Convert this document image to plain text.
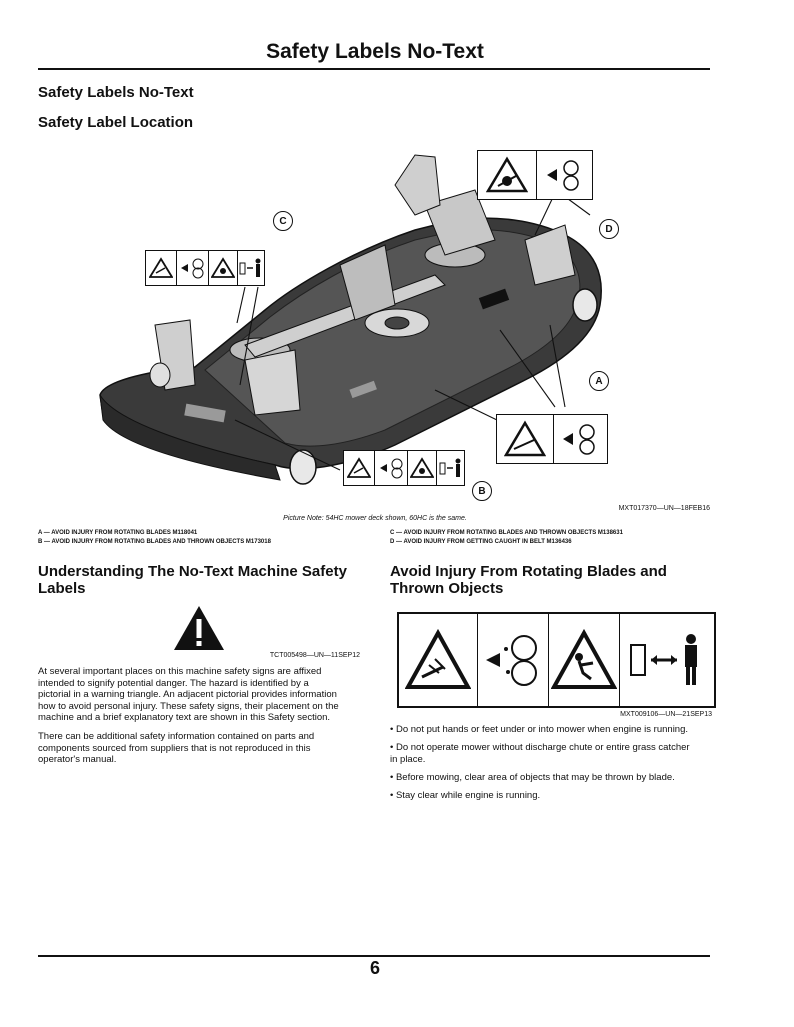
Safety Labels No-Text
Safety Labels No-Text
Safety Label Location
C
D
A
B
MXT017370—UN—18FEB16
Picture Note: 54HC mower deck shown, 60HC is the same.
A — AVOID INJURY FROM ROTATING BLADES M118041
B — AVOID INJURY FROM ROTATING BLADES AND THROWN OBJECTS M173018
C — AVOID INJURY FROM ROTATING BLADES AND THROWN OBJECTS M138631
D — AVOID INJURY FROM GETTING CAUGHT IN BELT M136436
Understanding The No-Text Machine Safety
Labels
TCT005498—UN—11SEP12
At several important places on this machine safety signs are affixed
intended to signify potential danger. The hazard is identified by a
pictorial in a warning triangle. An adjacent pictorial provides information
how to avoid personal injury. These safety signs, their placement on the
machine and a brief explanatory text are shown in this Safety section.
There can be additional safety information contained on parts and
components sourced from suppliers that is not reproduced in this
operator's manual.
Avoid Injury From Rotating Blades and
Thrown Objects
MXT009106—UN—21SEP13
• Do not put hands or feet under or into mower when engine is running.
• Do not operate mower without discharge chute or entire grass catcher
in place.
• Before mowing, clear area of objects that may be thrown by blade.
• Stay clear while engine is running.
6
